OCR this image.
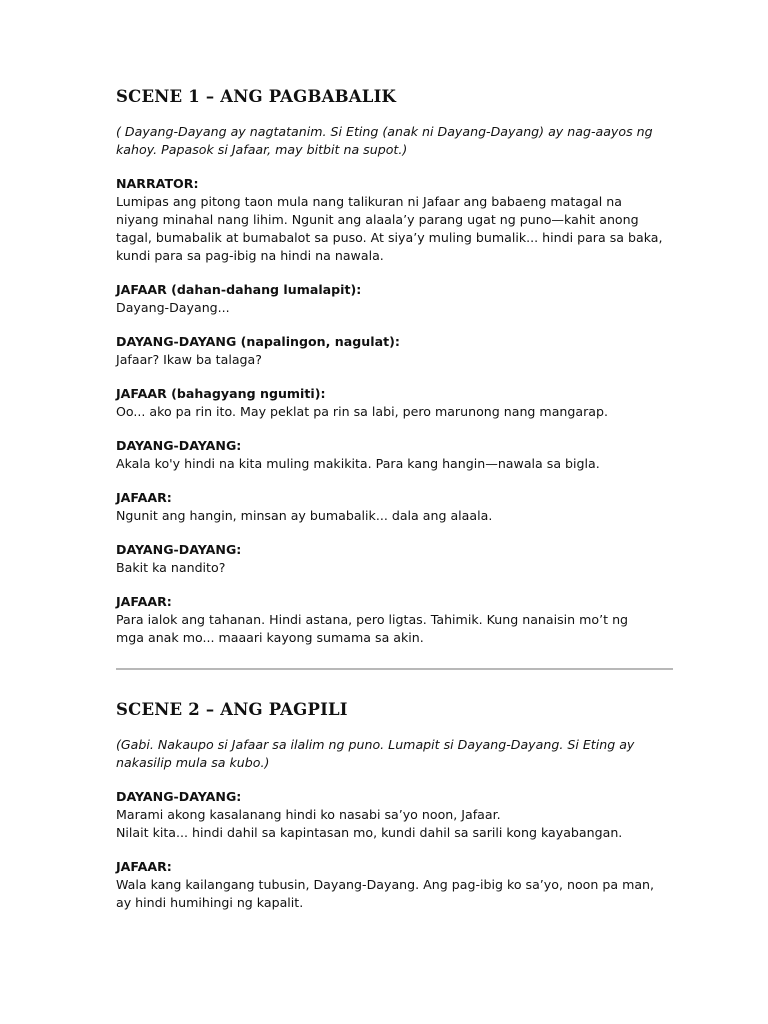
SCENE 1 – ANG PAGBABALIK

( Dayang-Dayang ay nagtatanim. Si Eting (anak ni Dayang-Dayang) ay nag-aayos ng
kahoy. Papasok si Jafaar, may bitbit na supot.)

NARRATOR:

Lumipas ang pitong taon mula nang talikuran ni Jafaar ang babaeng matagal na

niyang minahal nang lihim. Ngunit ang alaala’y parang ugat ng puno—kahit anong

tagal, bumabalik at bumabalot sa puso. At siya’y muling bumalik... hindi para sa baka,

kundi para sa pag-ibig na hindi na nawala.

JAFAAR (dahan-dahang lumalapit):

Dayang-Dayang...

DAYANG-DAYANG (napalingon, nagulat):

Jafaar? Ikaw ba talaga?

JAFAAR (bahagyang ngumiti):

Oo... ako pa rin ito. May peklat pa rin sa labi, pero marunong nang mangarap.

DAYANG-DAYANG:

Akala ko'y hindi na kita muling makikita. Para kang hangin—nawala sa bigla.

JAFAAR:

Ngunit ang hangin, minsan ay bumabalik... dala ang alaala.

DAYANG-DAYANG:

Bakit ka nandito?

JAFAAR:

Para ialok ang tahanan. Hindi astana, pero ligtas. Tahimik. Kung nanaisin mo’t ng

mga anak mo... maaari kayong sumama sa akin.

SCENE 2 – ANG PAGPILI

(Gabi. Nakaupo si Jafaar sa ilalim ng puno. Lumapit si Dayang-Dayang. Si Eting ay
nakasilip mula sa kubo.)

DAYANG-DAYANG:

Marami akong kasalanang hindi ko nasabi sa’yo noon, Jafaar.

Nilait kita... hindi dahil sa kapintasan mo, kundi dahil sa sarili kong kayabangan.

JAFAAR:

Wala kang kailangang tubusin, Dayang-Dayang. Ang pag-ibig ko sa’yo, noon pa man,

ay hindi humihingi ng kapalit.
